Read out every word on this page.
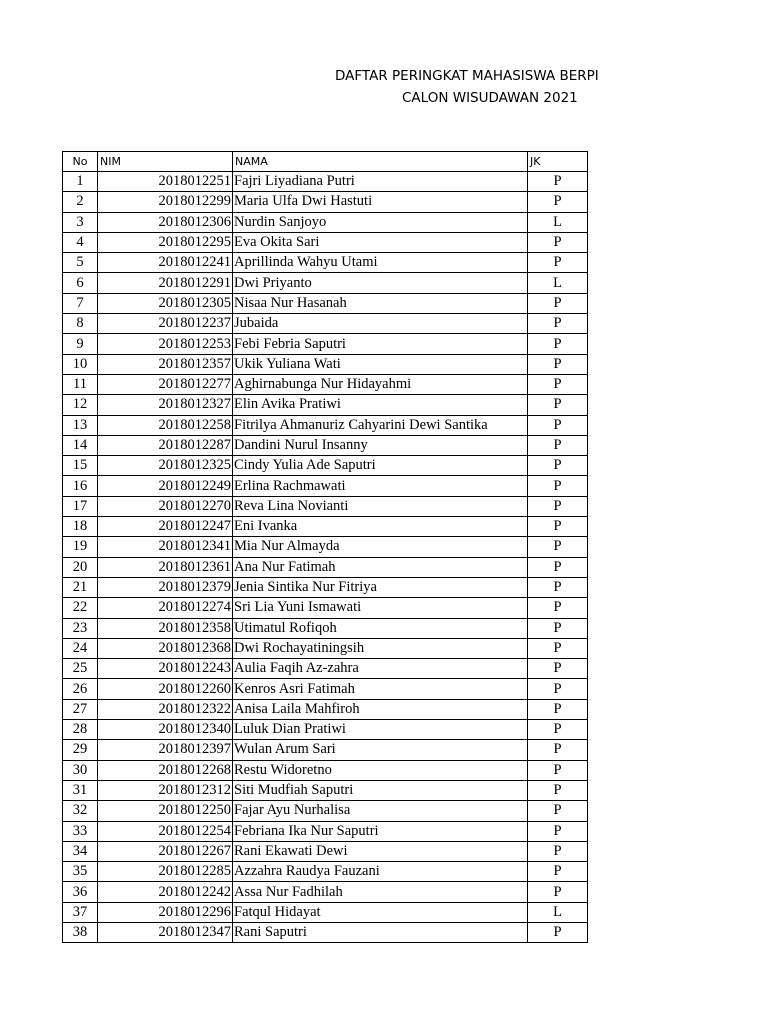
DAFTAR PERINGKAT MAHASISWA BERPI
CALON WISUDAWAN 2021
No	NIM	NAMA	JK
1	2018012251	Fajri Liyadiana Putri	P
2	2018012299	Maria Ulfa Dwi Hastuti	P
3	2018012306	Nurdin Sanjoyo	L
4	2018012295	Eva Okita Sari	P
5	2018012241	Aprillinda Wahyu Utami	P
6	2018012291	Dwi Priyanto	L
7	2018012305	Nisaa Nur Hasanah	P
8	2018012237	Jubaida	P
9	2018012253	Febi Febria Saputri	P
10	2018012357	Ukik Yuliana Wati	P
11	2018012277	Aghirnabunga Nur Hidayahmi	P
12	2018012327	Elin Avika Pratiwi	P
13	2018012258	Fitrilya Ahmanuriz Cahyarini Dewi Santika	P
14	2018012287	Dandini Nurul Insanny	P
15	2018012325	Cindy Yulia Ade Saputri	P
16	2018012249	Erlina Rachmawati	P
17	2018012270	Reva Lina Novianti	P
18	2018012247	Eni Ivanka	P
19	2018012341	Mia Nur Almayda	P
20	2018012361	Ana Nur Fatimah	P
21	2018012379	Jenia Sintika Nur Fitriya	P
22	2018012274	Sri Lia Yuni Ismawati	P
23	2018012358	Utimatul Rofiqoh	P
24	2018012368	Dwi Rochayatiningsih	P
25	2018012243	Aulia Faqih Az-zahra	P
26	2018012260	Kenros Asri Fatimah	P
27	2018012322	Anisa Laila Mahfiroh	P
28	2018012340	Luluk Dian Pratiwi	P
29	2018012397	Wulan Arum Sari	P
30	2018012268	Restu Widoretno	P
31	2018012312	Siti Mudfiah Saputri	P
32	2018012250	Fajar Ayu Nurhalisa	P
33	2018012254	Febriana Ika Nur Saputri	P
34	2018012267	Rani Ekawati Dewi	P
35	2018012285	Azzahra Raudya Fauzani	P
36	2018012242	Assa Nur Fadhilah	P
37	2018012296	Fatqul Hidayat	L
38	2018012347	Rani Saputri	P
